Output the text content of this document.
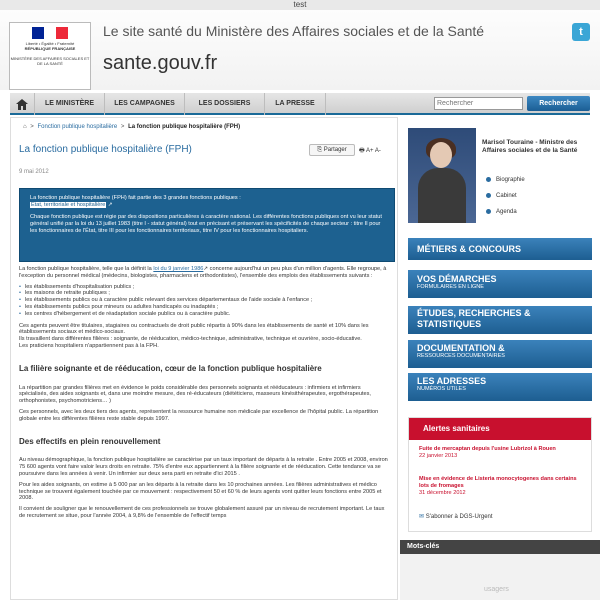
test
Liberté • Égalité • Fraternité
RÉPUBLIQUE FRANÇAISE
MINISTÈRE DES AFFAIRES SOCIALES ET DE LA SANTÉ
Le site santé du Ministère des Affaires sociales et de la Santé
sante.gouv.fr
t
LE MINISTÈRE	LES CAMPAGNES	LES DOSSIERS	LA PRESSE
Rechercher	Rechercher
⌂ > Fonction publique hospitalière > La fonction publique hospitalière (FPH)
La fonction publique hospitalière (FPH)
9 mai 2012
⎘ Partager	🖶 A+ A-

La fonction publique hospitalière (FPH) fait partie des 3 grandes fonctions publiques :
État, territoriale et hospitalière ↗

Chaque fonction publique est régie par des dispositions particulières à caractère national. Les différentes fonctions publiques ont vu leur statut général unifié par la loi du 13 juillet 1983 (titre I - statut général) tout en précisant et préservant les spécificités de chaque secteur : titre II pour les fonctionnaires de l'État, titre III pour les fonctionnaires territoriaux, titre IV pour les fonctionnaires hospitaliers.

La fonction publique hospitalière, telle que la définit la loi du 9 janvier 1986↗ concerne aujourd'hui un peu plus d'un million d'agents. Elle regroupe, à l'exception du personnel médical (médecins, biologistes, pharmaciens et orthodontistes), l'ensemble des emplois des établissements suivants :

• les établissements d'hospitalisation publics ;
• les maisons de retraite publiques ;
• les établissements publics ou à caractère public relevant des services départementaux de l'aide sociale à l'enfance ;
• les établissements publics pour mineurs ou adultes handicapés ou inadaptés ;
• les centres d'hébergement et de réadaptation sociale publics ou à caractère public.

Ces agents peuvent être titulaires, stagiaires ou contractuels de droit public répartis à 90% dans les établissements de santé et 10% dans les établissements sociaux et médico-sociaux.
Ils travaillent dans différentes filières : soignante, de rééducation, médico-technique, administrative, technique et ouvrière, socio-éducative.
Les praticiens hospitaliers n'appartiennent pas à la FPH.

La filière soignante et de rééducation, cœur de la fonction publique hospitalière

La répartition par grandes filières met en évidence le poids considérable des personnels soignants et rééducateurs : infirmiers et infirmiers spécialisés, des aides soignants et, dans une moindre mesure, des ré-éducateurs (diététiciens, masseurs kinésithérapeutes, ergothérapeutes, orthophonistes, psychomotriciens… )

Ces personnels, avec les deux tiers des agents, représentent la ressource humaine non médicale par excellence de l'hôpital public. La répartition globale entre les différentes filières reste stable depuis 1997.

Des effectifs en plein renouvellement

Au niveau démographique, la fonction publique hospitalière se caractérise par un taux important de départs à la retraite . Entre 2005 et 2008, environ 75 600 agents vont faire valoir leurs droits en retraite. 75% d'entre eux appartiennent à la filière soignante et de rééducation. Cette tendance va se poursuivre dans les années à venir. Un infirmier sur deux sera parti en retraite d'ici 2015 .

Pour les aides soignants, on estime à 5 000 par an les départs à la retraite dans les 10 prochaines années. Les filières administratives et médico technique se trouvent également touchée par ce mouvement : respectivement 50 et 60 % de leurs agents vont quitter leurs fonctions entre 2005 et 2008.

Il convient de souligner que le renouvellement de ces professionnels se trouve globalement assuré par un niveau de recrutement important. Le taux de recrutement se situe, pour l'année 2004, à 9,8% de l'ensemble de l'effectif temps

Marisol Touraine - Ministre des Affaires sociales et de la Santé
Biographie
Cabinet
Agenda
MÉTIERS & CONCOURS
VOS DÉMARCHES
FORMULAIRES EN LIGNE
ÉTUDES, RECHERCHES & STATISTIQUES
DOCUMENTATION &
RESSOURCES DOCUMENTAIRES
LES ADRESSES
NUMÉROS UTILES
Alertes sanitaires
Fuite de mercaptan depuis l'usine Lubrizol à Rouen
22 janvier 2013
Mise en évidence de Listeria monocytogenes dans certains lots de fromages
31 décembre 2012
✉ S'abonner à DGS-Urgent
Mots-clés
usagers
